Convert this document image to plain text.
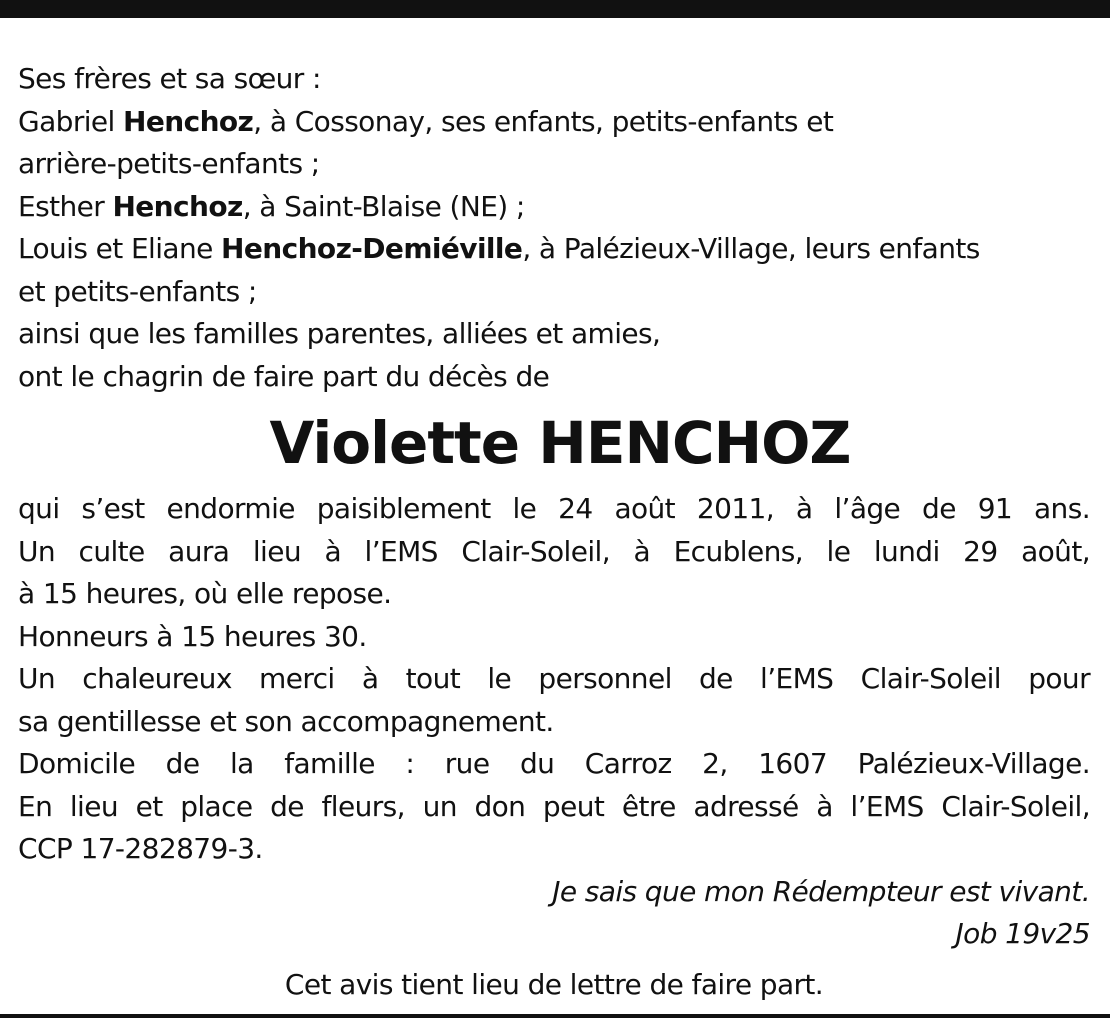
Ses frères et sa sœur :
Gabriel Henchoz, à Cossonay, ses enfants, petits-enfants et
arrière-petits-enfants ;
Esther Henchoz, à Saint-Blaise (NE) ;
Louis et Eliane Henchoz-Demiéville, à Palézieux-Village, leurs enfants
et petits-enfants ;
ainsi que les familles parentes, alliées et amies,
ont le chagrin de faire part du décès de
Violette HENCHOZ
qui s’est endormie paisiblement le 24 août 2011, à l’âge de 91 ans.
Un culte aura lieu à l’EMS Clair-Soleil, à Ecublens, le lundi 29 août,
à 15 heures, où elle repose.
Honneurs à 15 heures 30.
Un chaleureux merci à tout le personnel de l’EMS Clair-Soleil pour
sa gentillesse et son accompagnement.
Domicile de la famille : rue du Carroz 2, 1607 Palézieux-Village.
En lieu et place de fleurs, un don peut être adressé à l’EMS Clair-Soleil,
CCP 17-282879-3.
Je sais que mon Rédempteur est vivant.
Job 19v25
Cet avis tient lieu de lettre de faire part.
